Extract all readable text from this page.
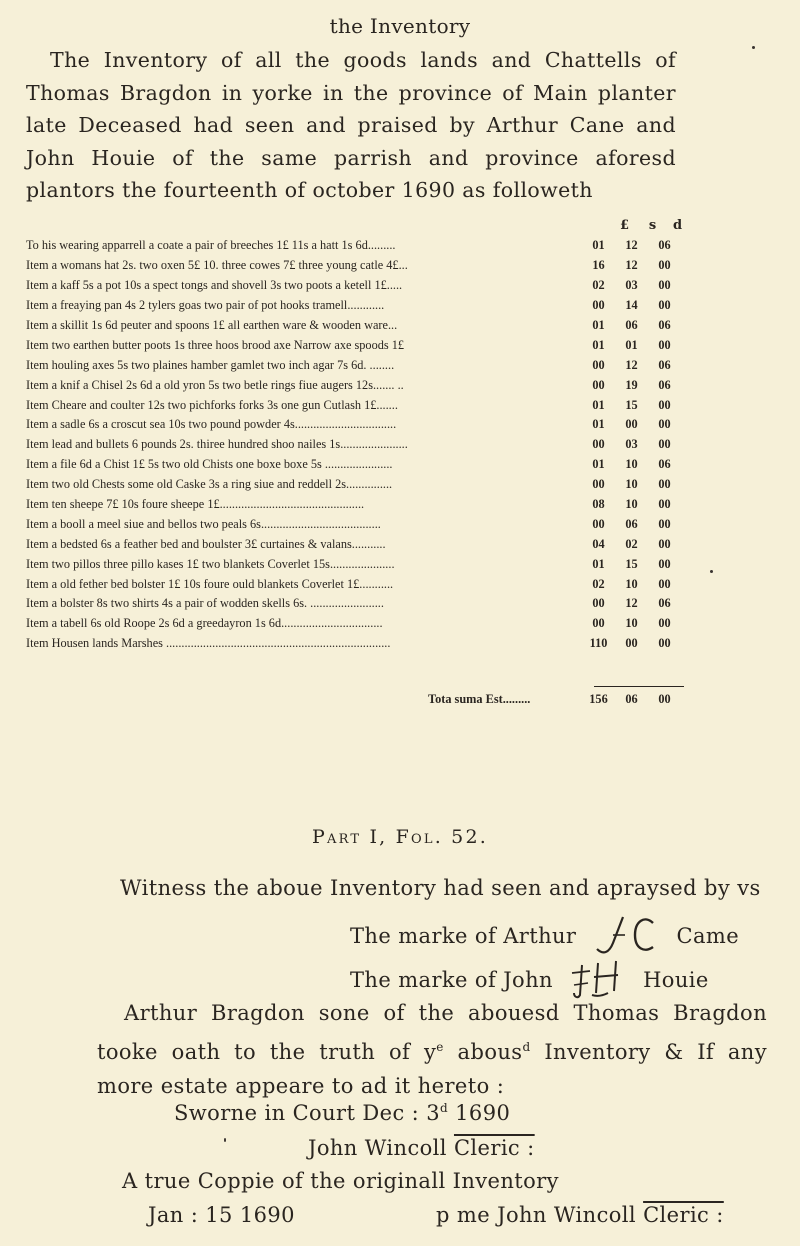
the Inventory
The Inventory of all the goods lands and Chattells of
Thomas Bragdon in yorke in the province of Main planter
late Deceased had seen and praised by Arthur Cane and
John Houie of the same parrish and province aforesd
plantors the fourteenth of october 1690 as followeth
£	s	d
To his wearing apparrell a coate a pair of breeches 1£ 11s a hatt 1s 6d.........	01	12	06
Item a womans hat 2s. two oxen 5£ 10. three cowes 7£ three young catle 4£...	16	12	00
Item a kaff 5s a pot 10s a spect tongs and shovell 3s two poots a ketell 1£.....	02	03	00
Item a freaying pan 4s 2 tylers goas two pair of pot hooks tramell............	00	14	00
Item a skillit 1s 6d peuter and spoons 1£ all earthen ware & wooden ware...	01	06	06
Item two earthen butter poots 1s three hoos brood axe Narrow axe spoods 1£	01	01	00
Item houling axes 5s two plaines hamber gamlet two inch agar 7s 6d. ........	00	12	06
Item a knif a Chisel 2s 6d a old yron 5s two betle rings fiue augers 12s....... ..	00	19	06
Item Cheare and coulter 12s two pichforks forks 3s one gun Cutlash 1£.......	01	15	00
Item a sadle 6s a croscut sea 10s two pound powder 4s.................................	01	00	00
Item lead and bullets 6 pounds 2s. thiree hundred shoo nailes 1s......................	00	03	00
Item a file 6d a Chist 1£ 5s two old Chists one boxe boxe 5s ......................	01	10	06
Item two old Chests some old Caske 3s a ring siue and reddell 2s...............	00	10	00
Item ten sheepe 7£ 10s foure sheepe 1£...............................................	08	10	00
Item a booll a meel siue and bellos two peals 6s.......................................	00	06	00
Item a bedsted 6s a feather bed and boulster 3£ curtaines & valans...........	04	02	00
Item two pillos three pillo kases 1£ two blankets Coverlet 15s.....................	01	15	00
Item a old fether bed bolster 1£ 10s foure ould blankets Coverlet 1£...........	02	10	00
Item a bolster 8s two shirts 4s a pair of wodden skells 6s. ........................	00	12	06
Item a tabell 6s old Roope 2s 6d a greedayron 1s 6d.................................	00	10	00
Item Housen lands Marshes .........................................................................	110	00	00
Tota suma Est.........	156	06	00
Part I, Fol. 52.
Witness the aboue Inventory had seen and apraysed by vs
The marke of Arthur	Came
The marke of John	Houie
Arthur Bragdon sone of the abouesd Thomas Bragdon
tooke oath to the truth of $y^e$ abous$^d$ Inventory & If any
more estate appeare to ad it hereto :
Sworne in Court Dec : 3$^d$ 1690
John Wincoll Cleric :
A true Coppie of the originall Inventory
Jan : 15 1690	p me John Wincoll Cleric :
